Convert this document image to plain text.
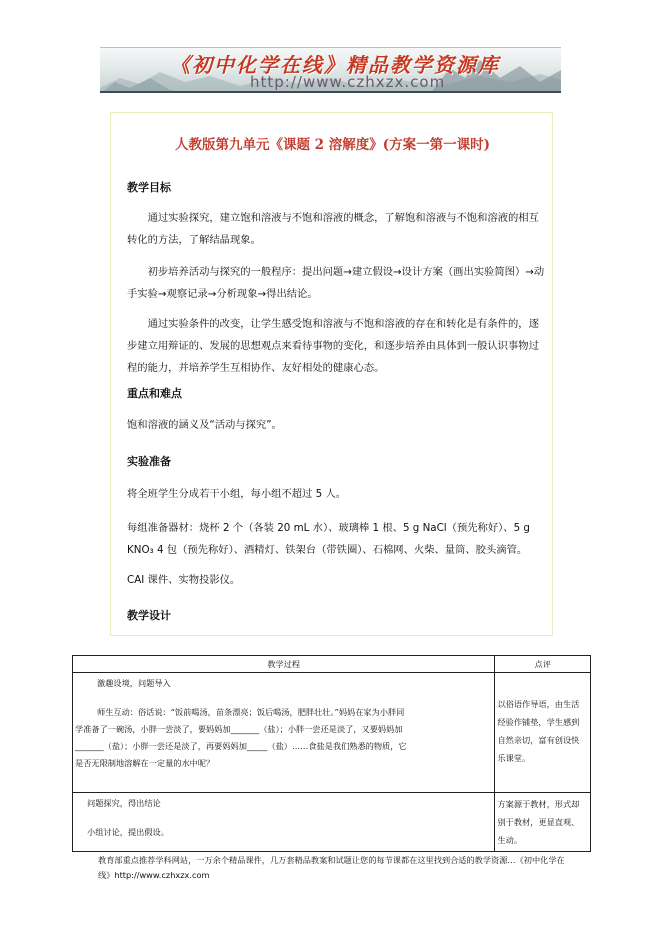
《初中化学在线》精品教学资源库
http://www.czhxzx.com
人教版第九单元《课题 2 溶解度》(方案一第一课时)
教学目标
通过实验探究，建立饱和溶液与不饱和溶液的概念，了解饱和溶液与不饱和溶液的相互转化的方法，了解结晶现象。
初步培养活动与探究的一般程序：提出问题→建立假设→设计方案（画出实验简图）→动手实验→观察记录→分析现象→得出结论。
通过实验条件的改变，让学生感受饱和溶液与不饱和溶液的存在和转化是有条件的，逐步建立用辩证的、发展的思想观点来看待事物的变化，和逐步培养由具体到一般认识事物过程的能力，并培养学生互相协作、友好相处的健康心态。
重点和难点
饱和溶液的涵义及“活动与探究”。
实验准备
将全班学生分成若干小组，每小组不超过 5 人。
每组准备器材：烧杯 2 个（各装 20 mL 水）、玻璃棒 1 根、5 g NaCl（预先称好）、5 g KNO₃ 4 包（预先称好）、酒精灯、铁架台（带铁圈）、石棉网、火柴、量筒、胶头滴管。
CAI 课件、实物投影仪。
教学设计
教学过程	点评

激趣设境，问题导入
师生互动：俗话说：“饭前喝汤，苗条漂亮；饭后喝汤，肥胖壮壮。”妈妈在家为小胖同
学准备了一碗汤，小胖一尝淡了，要妈妈加_______（盐）；小胖一尝还是淡了，又要妈妈加
_______（盐）；小胖一尝还是淡了，再要妈妈加_____（盐）……食盐是我们熟悉的物质，它
是否无限制地溶解在一定量的水中呢？	以俗语作导语，由生活经验作铺垫，学生感到自然亲切，富有创设快乐课堂。

问题探究，得出结论
小组讨论，提出假设。	方案源于教材，形式却别于教材，更显直观、生动。
教育部重点推荐学科网站，一万余个精品课件，几万套精品教案和试题让您的每节课都在这里找到合适的教学资源…《初中化学在线》http://www.czhxzx.com
